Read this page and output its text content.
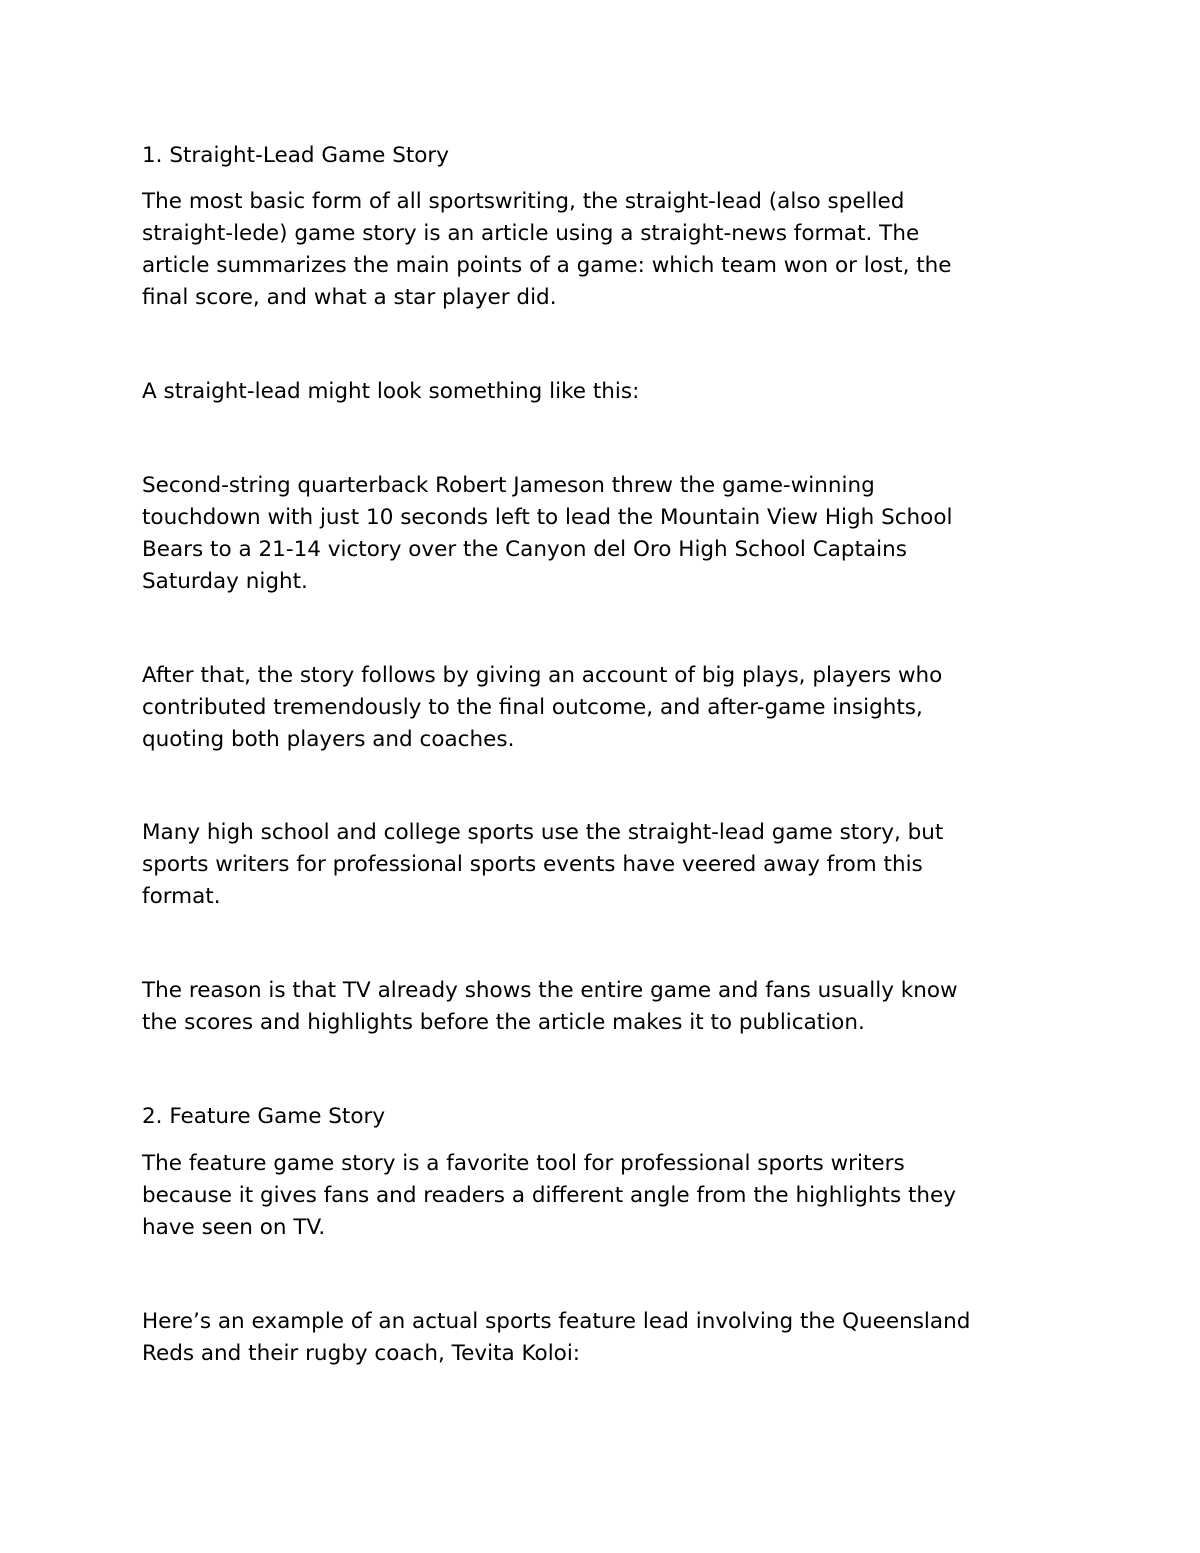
1. Straight-Lead Game Story

The most basic form of all sportswriting, the straight-lead (also spelled
straight-lede) game story is an article using a straight-news format. The
article summarizes the main points of a game: which team won or lost, the
final score, and what a star player did.

A straight-lead might look something like this:

Second-string quarterback Robert Jameson threw the game-winning
touchdown with just 10 seconds left to lead the Mountain View High School
Bears to a 21-14 victory over the Canyon del Oro High School Captains
Saturday night.

After that, the story follows by giving an account of big plays, players who
contributed tremendously to the final outcome, and after-game insights,
quoting both players and coaches.

Many high school and college sports use the straight-lead game story, but
sports writers for professional sports events have veered away from this
format.

The reason is that TV already shows the entire game and fans usually know
the scores and highlights before the article makes it to publication.

2. Feature Game Story

The feature game story is a favorite tool for professional sports writers
because it gives fans and readers a different angle from the highlights they
have seen on TV.

Here’s an example of an actual sports feature lead involving the Queensland
Reds and their rugby coach, Tevita Koloi:
